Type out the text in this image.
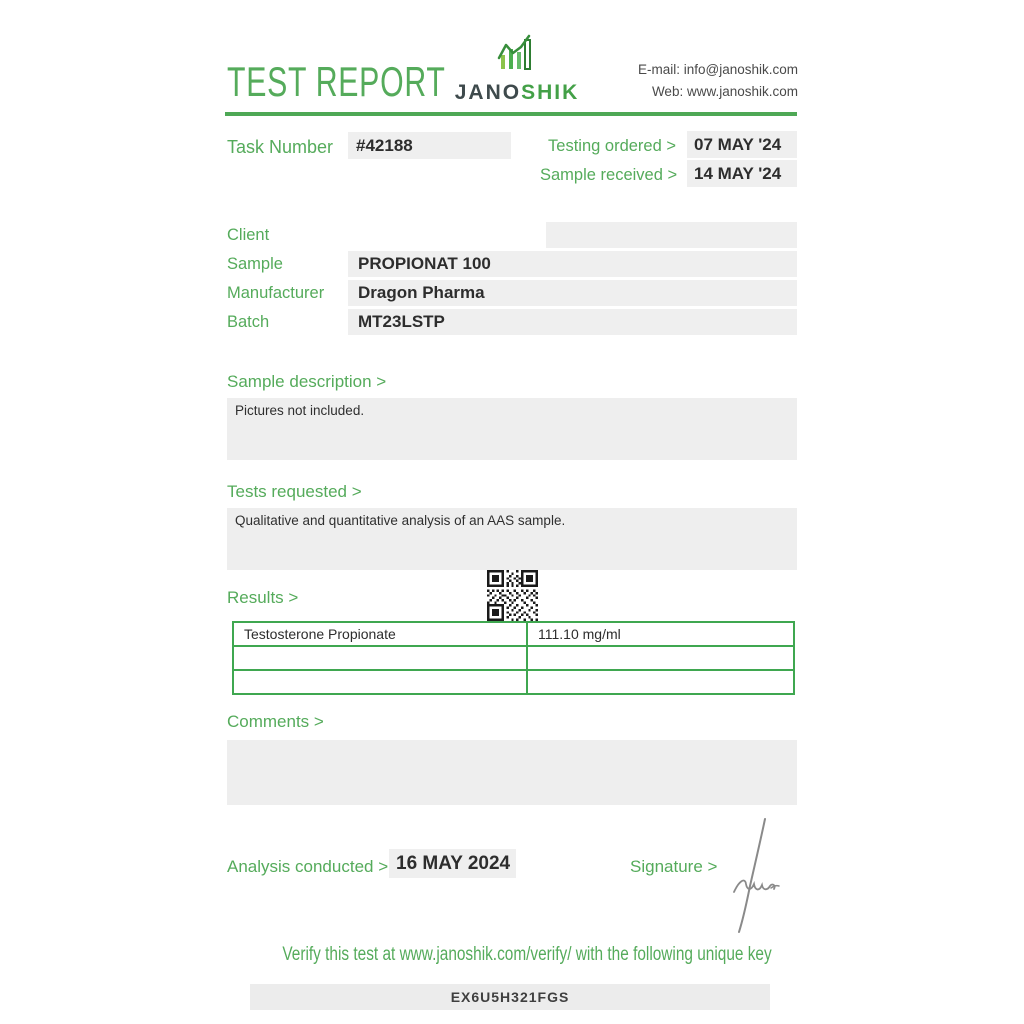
TEST REPORT JANOSHIK
E-mail: info@janoshik.com
Web: www.janoshik.com
Task Number	#42188	Testing ordered >	07 MAY '24
Sample received > 14 MAY '24
Client
Sample	PROPIONAT 100
Manufacturer	Dragon Pharma
Batch	MT23LSTP
Sample description >
Pictures not included.
Tests requested >
Qualitative and quantitative analysis of an AAS sample.
Results >
Testosterone Propionate	111.10 mg/ml

Comments >
Analysis conducted > 16 MAY 2024	Signature >
Verify this test at www.janoshik.com/verify/ with the following unique key
EX6U5H321FGS
